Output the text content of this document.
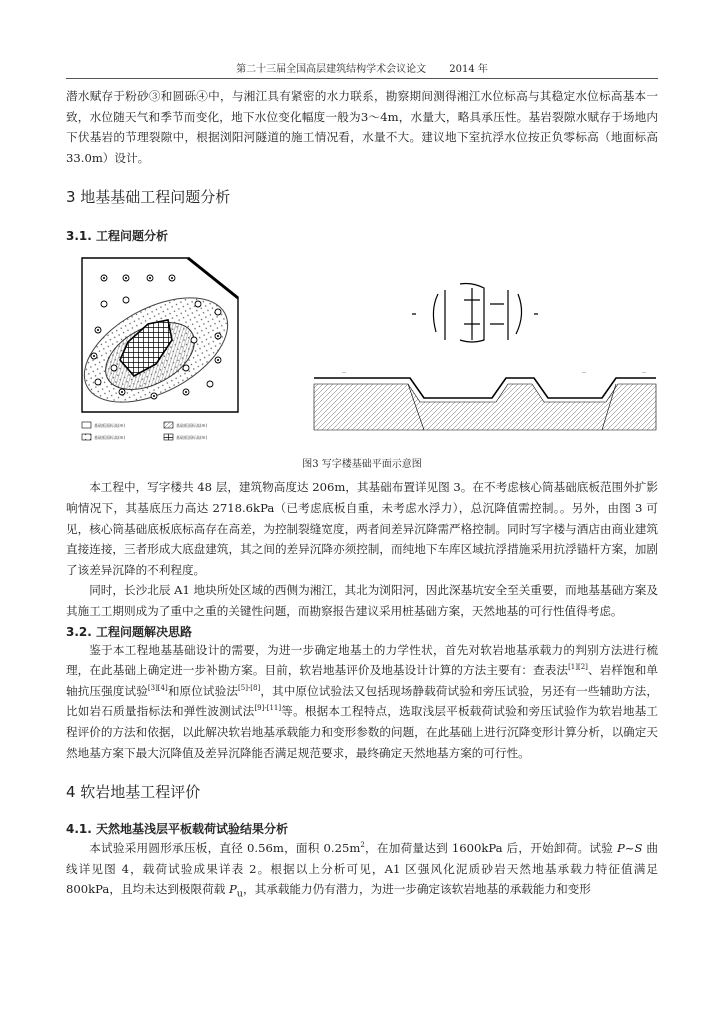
第二十三届全国高层建筑结构学术会议论文 2014 年

潜水赋存于粉砂③和圆砾④中，与湘江具有紧密的水力联系，勘察期间测得湘江水位标高与其稳定水位标高基本一致，水位随天气和季节而变化，地下水位变化幅度一般为3～4m，水量大，略具承压性。基岩裂隙水赋存于场地内下伏基岩的节理裂隙中，根据浏阳河隧道的施工情况看，水量不大。建议地下室抗浮水位按正负零标高（地面标高 33.0m）设计。

3 地基基础工程问题分析
3.1. 工程问题分析
基础板面标高(m)
基础板面标高(m)
基础板面标高(m)
基础板面标高(m)
—	—	—
图3 写字楼基础平面示意图

本工程中，写字楼共 48 层，建筑物高度达 206m，其基础布置详见图 3。在不考虑核心筒基础底板范围外扩影响情况下，其基底压力高达 2718.6kPa（已考虑底板自重，未考虑水浮力），总沉降值需控制。。另外，由图 3 可见，核心筒基础底板底标高存在高差，为控制裂缝宽度，两者间差异沉降需严格控制。同时写字楼与酒店由商业建筑直接连接，三者形成大底盘建筑，其之间的差异沉降亦须控制，而纯地下车库区域抗浮措施采用抗浮锚杆方案，加剧了该差异沉降的不利程度。

同时，长沙北辰 A1 地块所处区域的西侧为湘江，其北为浏阳河，因此深基坑安全至关重要，而地基基础方案及其施工工期则成为了重中之重的关键性问题，而勘察报告建议采用桩基础方案，天然地基的可行性值得考虑。

3.2. 工程问题解决思路

鉴于本工程地基基础设计的需要，为进一步确定地基土的力学性状，首先对软岩地基承载力的判别方法进行梳理，在此基础上确定进一步补勘方案。目前，软岩地基评价及地基设计计算的方法主要有：查表法[1][2]、岩样饱和单轴抗压强度试验[3][4]和原位试验法[5]-[8]，其中原位试验法又包括现场静载荷试验和旁压试验，另还有一些辅助方法，比如岩石质量指标法和弹性波测试法[9]-[11]等。根据本工程特点，选取浅层平板载荷试验和旁压试验作为软岩地基工程评价的方法和依据，以此解决软岩地基承载能力和变形参数的问题，在此基础上进行沉降变形计算分析，以确定天然地基方案下最大沉降值及差异沉降能否满足规范要求，最终确定天然地基方案的可行性。

4 软岩地基工程评价
4.1. 天然地基浅层平板载荷试验结果分析

本试验采用圆形承压板，直径 0.56m，面积 $0.25m^2$，在加荷量达到 1600kPa 后，开始卸荷。试验 P~S 曲线详见图 4，载荷试验成果详表 2。根据以上分析可见，A1 区强风化泥质砂岩天然地基承载力特征值满足 800kPa，且均未达到极限荷载 $P_u$，其承载能力仍有潜力，为进一步确定该软岩地基的承载能力和变形
